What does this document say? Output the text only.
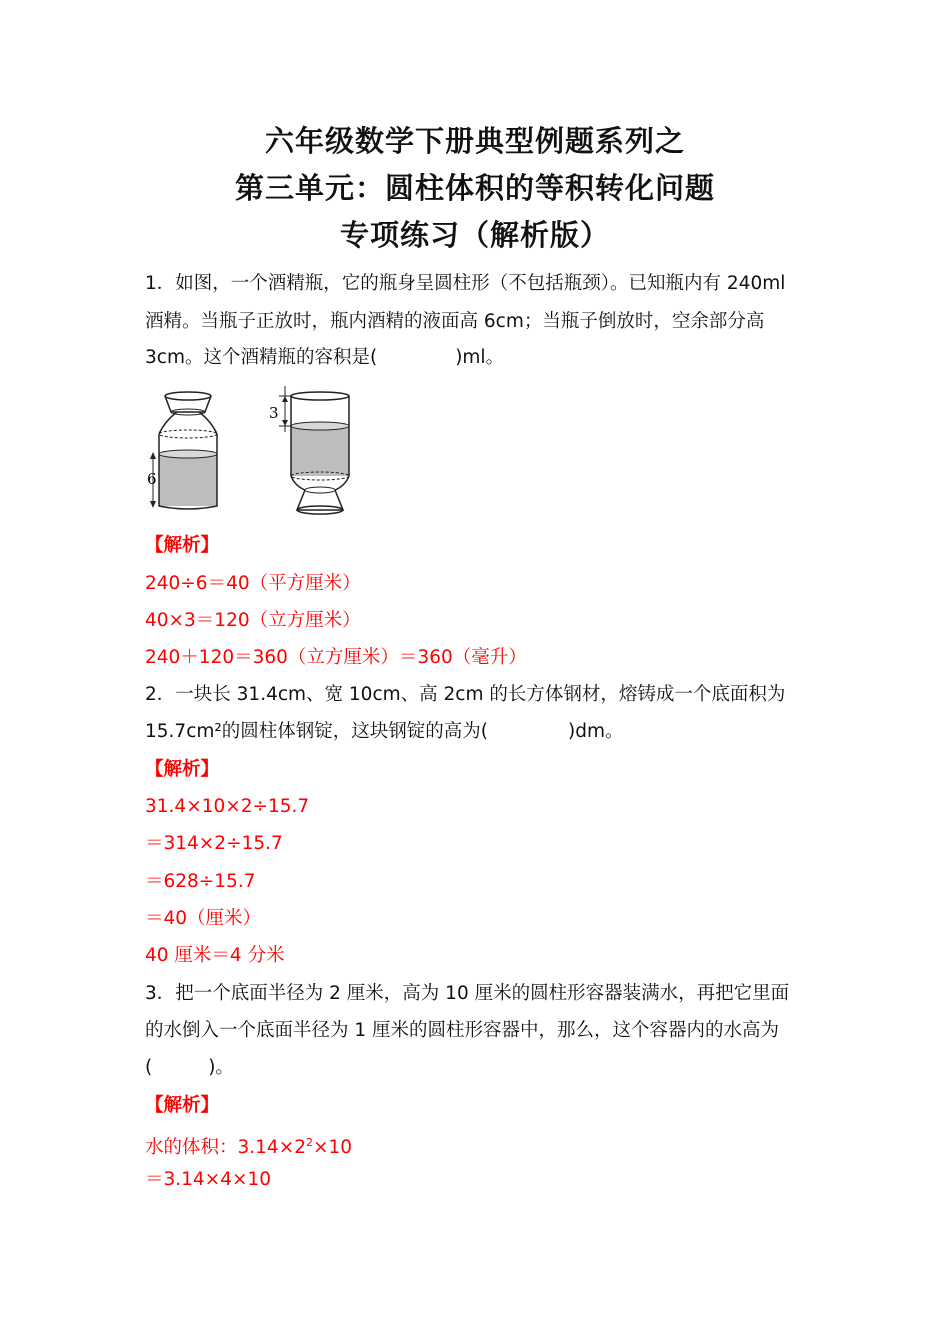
六年级数学下册典型例题系列之
第三单元：圆柱体积的等积转化问题
专项练习（解析版）
1．如图，一个酒精瓶，它的瓶身呈圆柱形（不包括瓶颈）。已知瓶内有 240ml
酒精。当瓶子正放时，瓶内酒精的液面高 6cm；当瓶子倒放时，空余部分高
3cm。这个酒精瓶的容积是(	)ml。
6
3
【解析】
240÷6＝40（平方厘米）
40×3＝120（立方厘米）
240＋120＝360（立方厘米）＝360（毫升）
2．一块长 31.4cm、宽 10cm、高 2cm 的长方体钢材，熔铸成一个底面积为
15.7cm²的圆柱体钢锭，这块钢锭的高为(	)dm。
【解析】
31.4×10×2÷15.7
＝314×2÷15.7
＝628÷15.7
＝40（厘米）
40 厘米＝4 分米
3．把一个底面半径为 2 厘米，高为 10 厘米的圆柱形容器装满水，再把它里面
的水倒入一个底面半径为 1 厘米的圆柱形容器中，那么，这个容器内的水高为
(	)。
【解析】
水的体积：$3.14\times 2^2\times 10$
＝3.14×4×10
